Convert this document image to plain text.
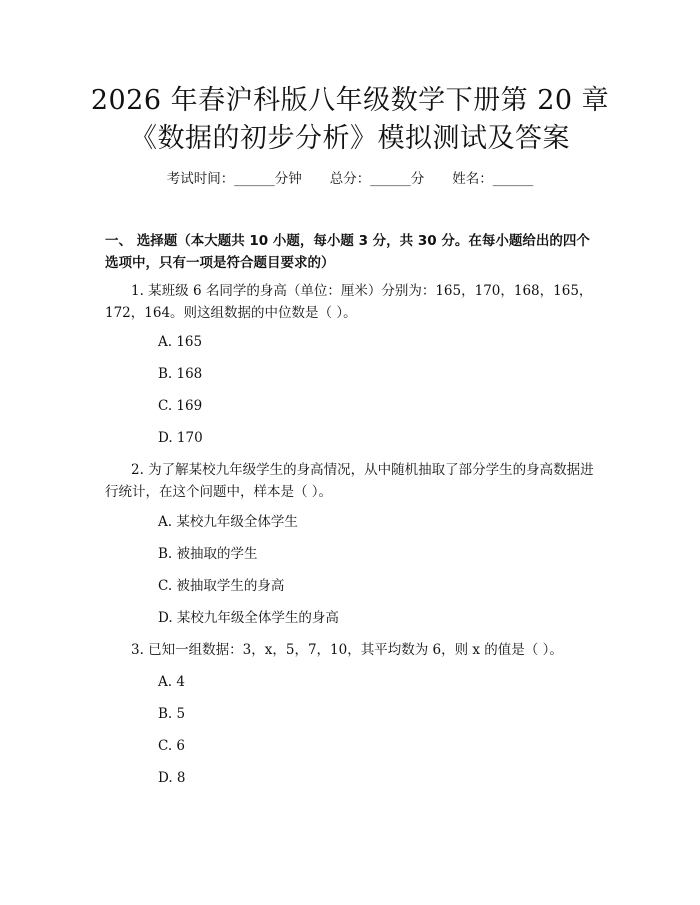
2026 年春沪科版八年级数学下册第 20 章
《数据的初步分析》模拟测试及答案
考试时间：______分钟 总分：______分 姓名：______
一、 选择题（本大题共 10 小题，每小题 3 分，共 30 分。在每小题给出的四个选项中，只有一项是符合题目要求的）
1. 某班级 6 名同学的身高（单位：厘米）分别为：165，170，168，165，172，164。则这组数据的中位数是（ ）。
A. 165
B. 168
C. 169
D. 170
2. 为了解某校九年级学生的身高情况，从中随机抽取了部分学生的身高数据进行统计，在这个问题中，样本是（ ）。
A. 某校九年级全体学生
B. 被抽取的学生
C. 被抽取学生的身高
D. 某校九年级全体学生的身高
3. 已知一组数据：3，x，5，7，10，其平均数为 6，则 x 的值是（ ）。
A. 4
B. 5
C. 6
D. 8
